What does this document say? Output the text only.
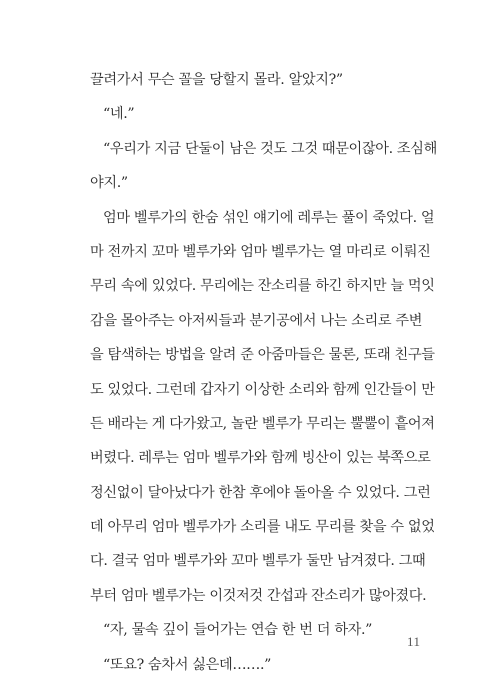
끌려가서 무슨 꼴을 당할지 몰라. 알았지?”
“네.”
“우리가 지금 단둘이 남은 것도 그것 때문이잖아. 조심해
야지.”
엄마 벨루가의 한숨 섞인 얘기에 레루는 풀이 죽었다. 얼
마 전까지 꼬마 벨루가와 엄마 벨루가는 열 마리로 이뤄진
무리 속에 있었다. 무리에는 잔소리를 하긴 하지만 늘 먹잇
감을 몰아주는 아저씨들과 분기공에서 나는 소리로 주변
을 탐색하는 방법을 알려 준 아줌마들은 물론, 또래 친구들
도 있었다. 그런데 갑자기 이상한 소리와 함께 인간들이 만
든 배라는 게 다가왔고, 놀란 벨루가 무리는 뿔뿔이 흩어져
버렸다. 레루는 엄마 벨루가와 함께 빙산이 있는 북쪽으로
정신없이 달아났다가 한참 후에야 돌아올 수 있었다. 그런
데 아무리 엄마 벨루가가 소리를 내도 무리를 찾을 수 없었
다. 결국 엄마 벨루가와 꼬마 벨루가 둘만 남겨졌다. 그때
부터 엄마 벨루가는 이것저것 간섭과 잔소리가 많아졌다.
“자, 물속 깊이 들어가는 연습 한 번 더 하자.”
“또요? 숨차서 싫은데…….”
11
